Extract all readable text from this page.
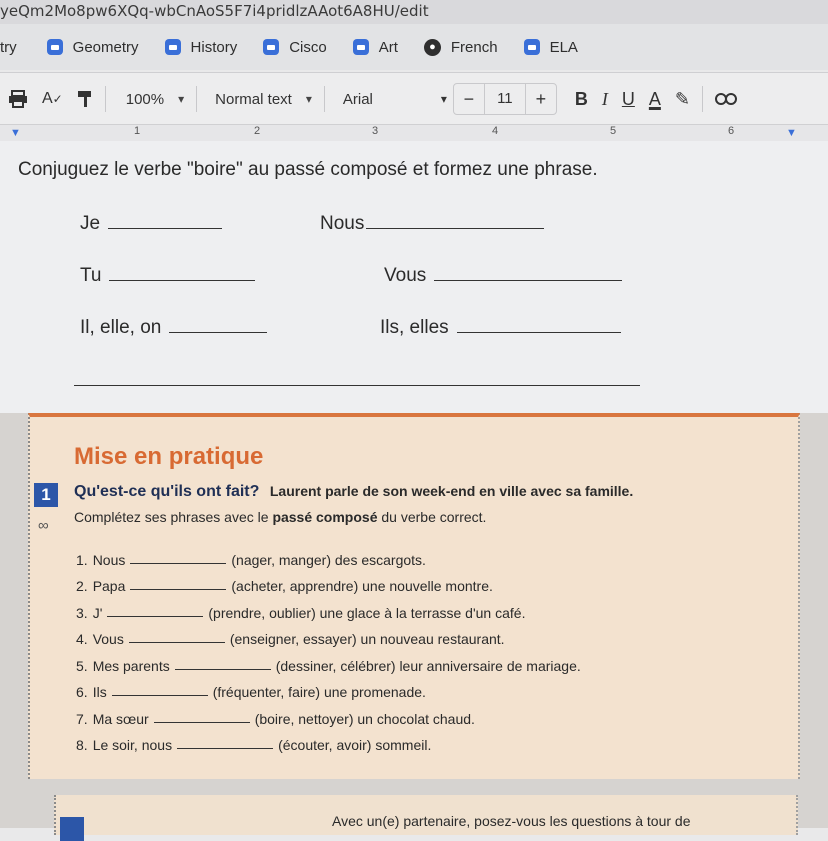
yeQm2Mo8pw6XQq-wbCnAoS5F7i4pridlzAAot6A8HU/edit
try	Geometry	History	Cisco	Art	●	French	ELA
A ✓	100% ▾	Normal text ▾	Arial	▾ −	11	+	B I U A ✎
▼	1	2	3	4	5	6	▼
Conjuguez le verbe "boire" au passé composé et formez une phrase.
Je	Nous
Tu	Vous
Il, elle, on	Ils, elles
Mise en pratique
1
∞
Qu'est-ce qu'ils ont fait? Laurent parle de son week-end en ville avec sa famille.
Complétez ses phrases avec le passé composé du verbe correct.
1. Nous	(nager, manger) des escargots.
2. Papa	(acheter, apprendre) une nouvelle montre.
3. J'	(prendre, oublier) une glace à la terrasse d'un café.
4. Vous	(enseigner, essayer) un nouveau restaurant.
5. Mes parents	(dessiner, célébrer) leur anniversaire de mariage.
6. Ils	(fréquenter, faire) une promenade.
7. Ma sœur	(boire, nettoyer) un chocolat chaud.
8. Le soir, nous	(écouter, avoir) sommeil.
Avec un(e) partenaire, posez-vous les questions à tour de
